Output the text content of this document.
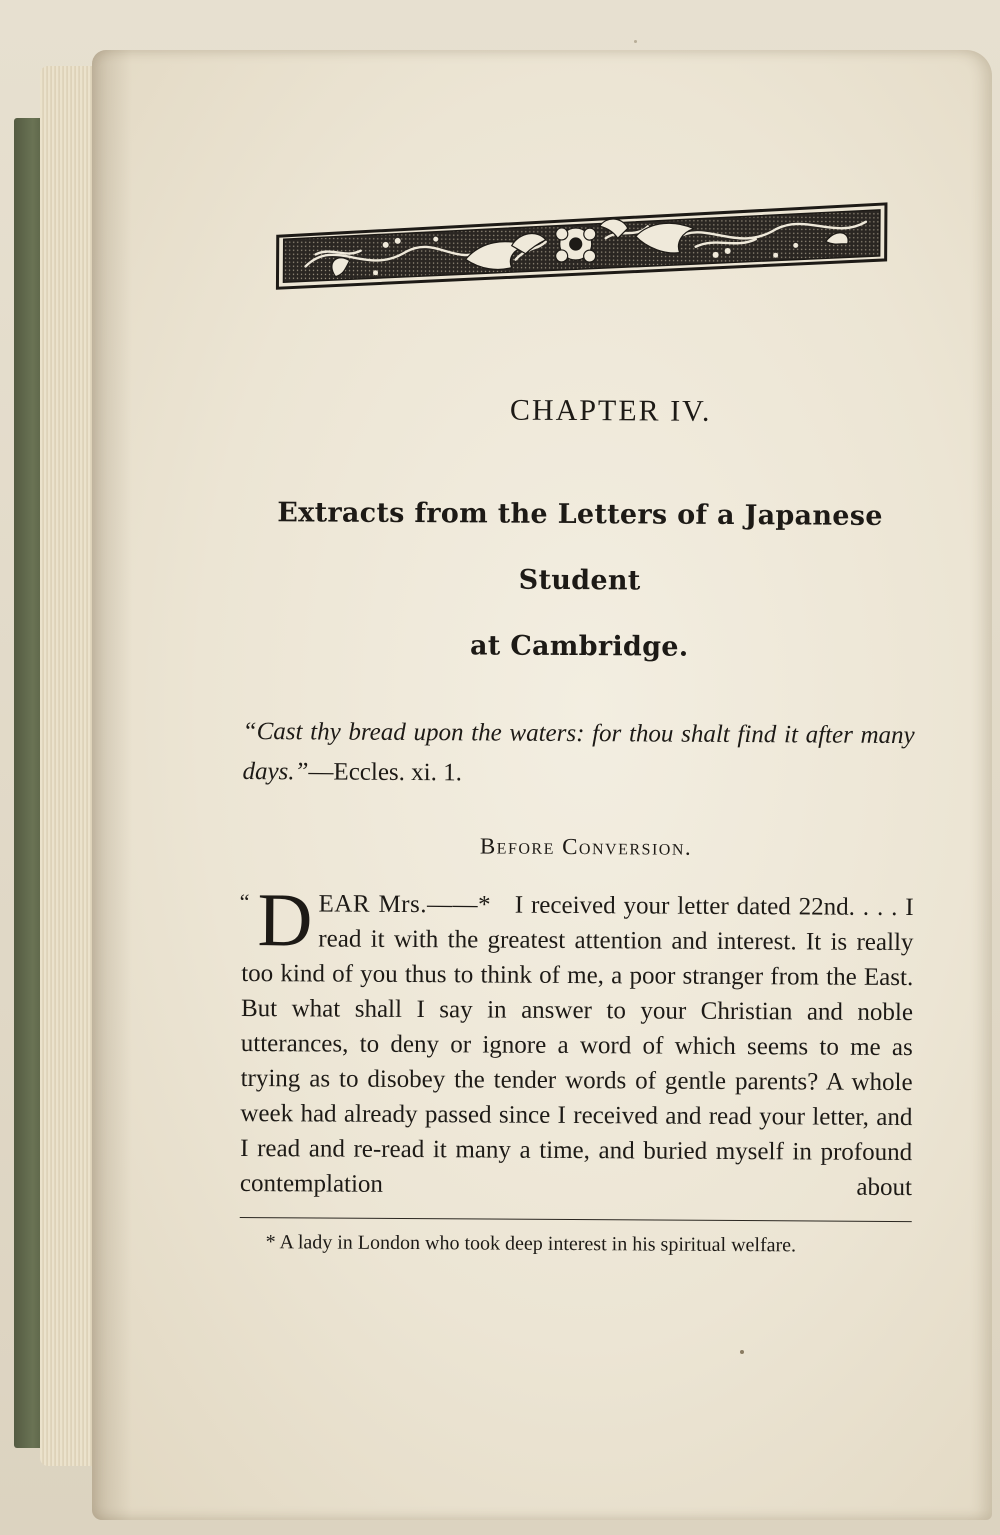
CHAPTER IV.
Extracts from the Letters of a Japanese Student
at Cambridge.
“Cast thy bread upon the waters: for thou shalt find it after many days.”—Eccles. xi. 1.
Before Conversion.
“ D EAR Mrs.——* I received your letter dated 22nd. . . . I read it with the greatest attention and interest. It is really too kind of you thus to think of me, a poor stranger from the East. But what shall I say in answer to your Christian and noble utterances, to deny or ignore a word of which seems to me as trying as to disobey the tender words of gentle parents? A whole week had already passed since I received and read your letter, and I read and re-read it many a time, and buried myself in profound contemplation about
* A lady in London who took deep interest in his spiritual welfare.
